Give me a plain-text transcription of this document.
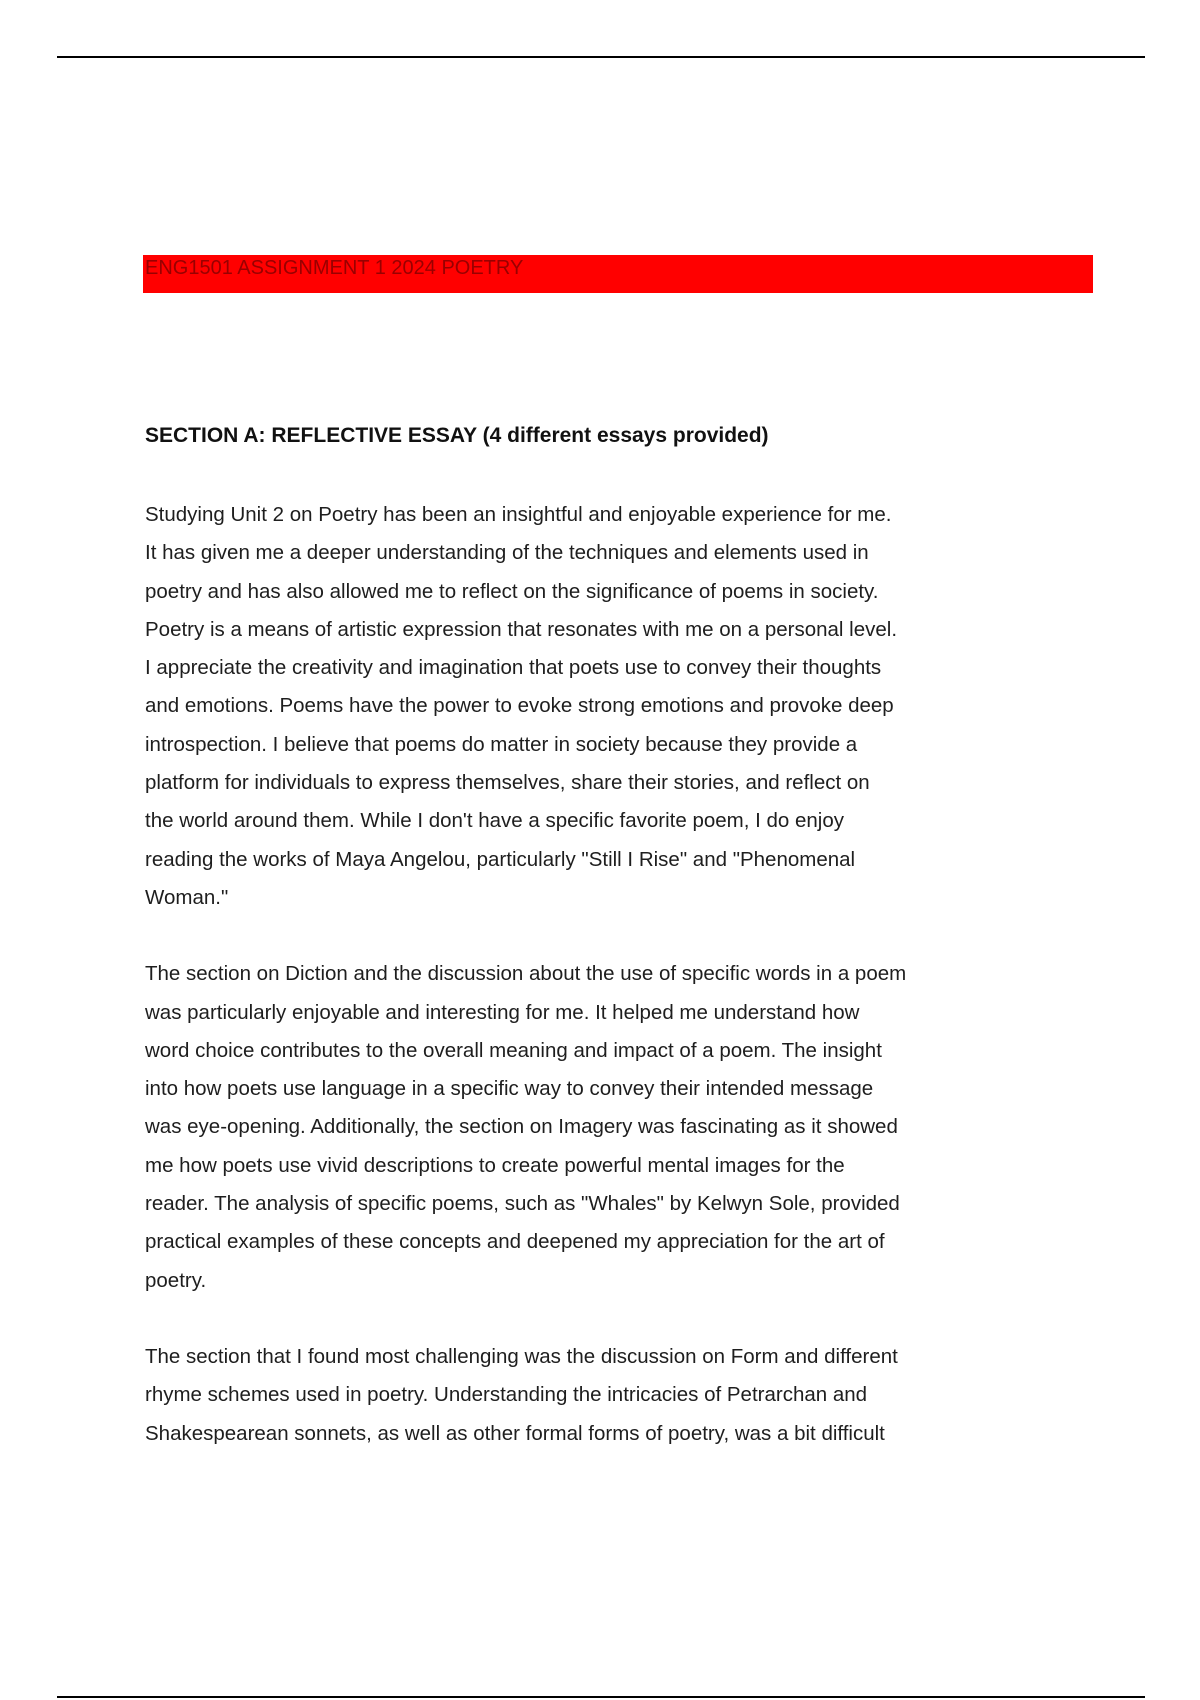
ENG1501 ASSIGNMENT 1 2024 POETRY
SECTION A: REFLECTIVE ESSAY (4 different essays provided)
Studying Unit 2 on Poetry has been an insightful and enjoyable experience for me.
It has given me a deeper understanding of the techniques and elements used in
poetry and has also allowed me to reflect on the significance of poems in society.
Poetry is a means of artistic expression that resonates with me on a personal level.
I appreciate the creativity and imagination that poets use to convey their thoughts
and emotions. Poems have the power to evoke strong emotions and provoke deep
introspection. I believe that poems do matter in society because they provide a
platform for individuals to express themselves, share their stories, and reflect on
the world around them. While I don't have a specific favorite poem, I do enjoy
reading the works of Maya Angelou, particularly "Still I Rise" and "Phenomenal
Woman."
The section on Diction and the discussion about the use of specific words in a poem
was particularly enjoyable and interesting for me. It helped me understand how
word choice contributes to the overall meaning and impact of a poem. The insight
into how poets use language in a specific way to convey their intended message
was eye-opening. Additionally, the section on Imagery was fascinating as it showed
me how poets use vivid descriptions to create powerful mental images for the
reader. The analysis of specific poems, such as "Whales" by Kelwyn Sole, provided
practical examples of these concepts and deepened my appreciation for the art of
poetry.
The section that I found most challenging was the discussion on Form and different
rhyme schemes used in poetry. Understanding the intricacies of Petrarchan and
Shakespearean sonnets, as well as other formal forms of poetry, was a bit difficult
